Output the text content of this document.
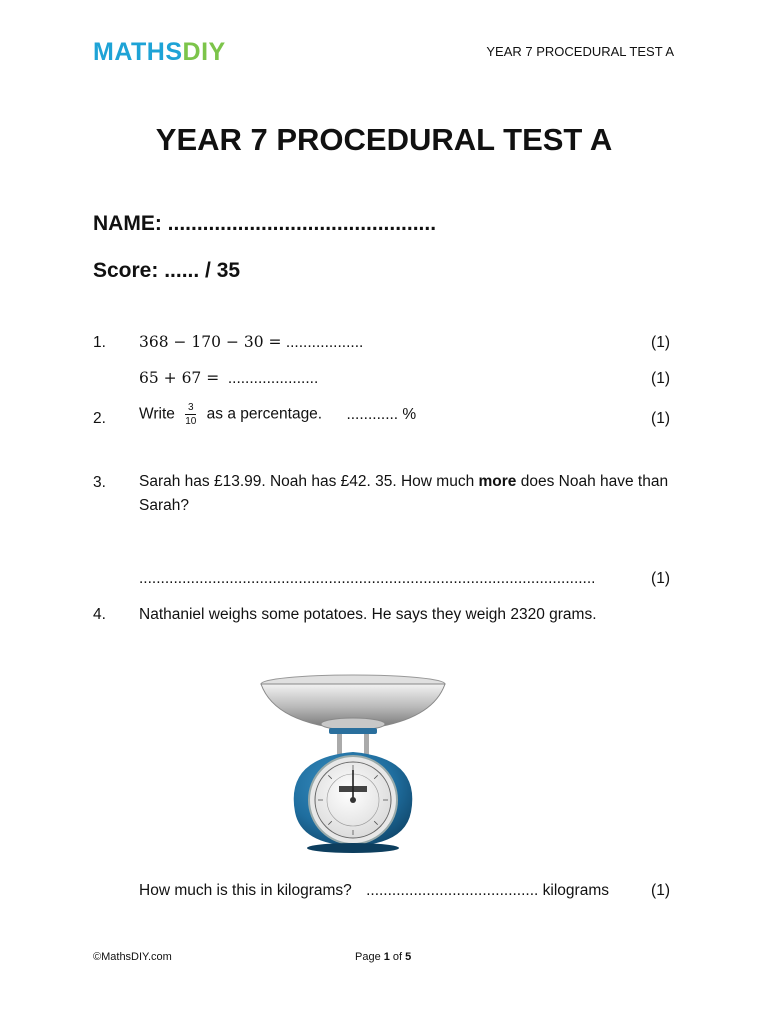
MATHSDIY	YEAR 7 PROCEDURAL TEST A
YEAR 7 PROCEDURAL TEST A
NAME: ..............................................
Score: ...... / 35
1. 368 − 170 − 30 = ..................	(1)
65 + 67 = .....................	(1)
2. Write $\frac{3}{10}$ as a percentage. ............ %	(1)
3. Sarah has £13.99. Noah has £42. 35. How much more does Noah have than Sarah?
..........................................................................................................	(1)
4. Nathaniel weighs some potatoes. He says they weigh 2320 grams.
How much is this in kilograms? ........................................ kilograms	(1)
©MathsDIY.com	Page 1 of 5
